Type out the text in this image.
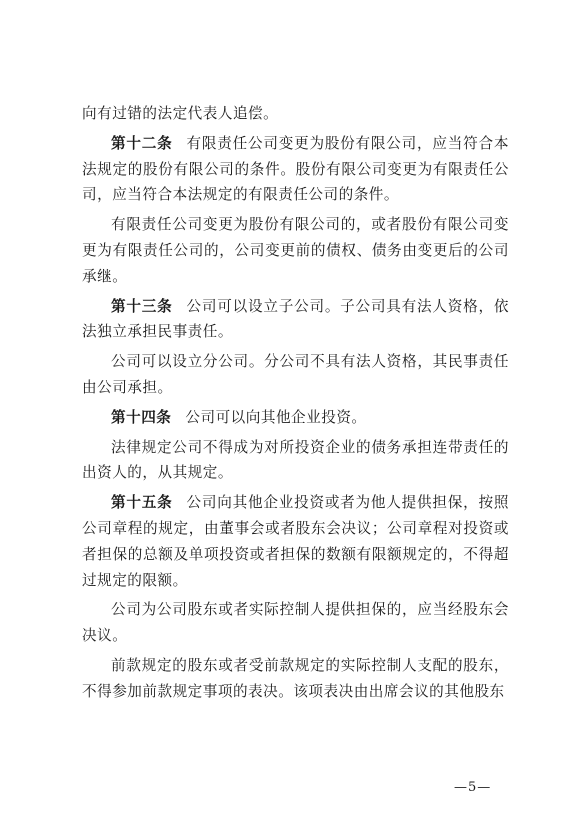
向有过错的法定代表人追偿。

第十二条 有限责任公司变更为股份有限公司，应当符合本法规定的股份有限公司的条件。股份有限公司变更为有限责任公司，应当符合本法规定的有限责任公司的条件。

有限责任公司变更为股份有限公司的，或者股份有限公司变更为有限责任公司的，公司变更前的债权、债务由变更后的公司承继。

第十三条 公司可以设立子公司。子公司具有法人资格，依法独立承担民事责任。

公司可以设立分公司。分公司不具有法人资格，其民事责任由公司承担。

第十四条 公司可以向其他企业投资。

法律规定公司不得成为对所投资企业的债务承担连带责任的出资人的，从其规定。

第十五条 公司向其他企业投资或者为他人提供担保，按照公司章程的规定，由董事会或者股东会决议；公司章程对投资或者担保的总额及单项投资或者担保的数额有限额规定的，不得超过规定的限额。

公司为公司股东或者实际控制人提供担保的，应当经股东会决议。

前款规定的股东或者受前款规定的实际控制人支配的股东，不得参加前款规定事项的表决。该项表决由出席会议的其他股东

—5—
